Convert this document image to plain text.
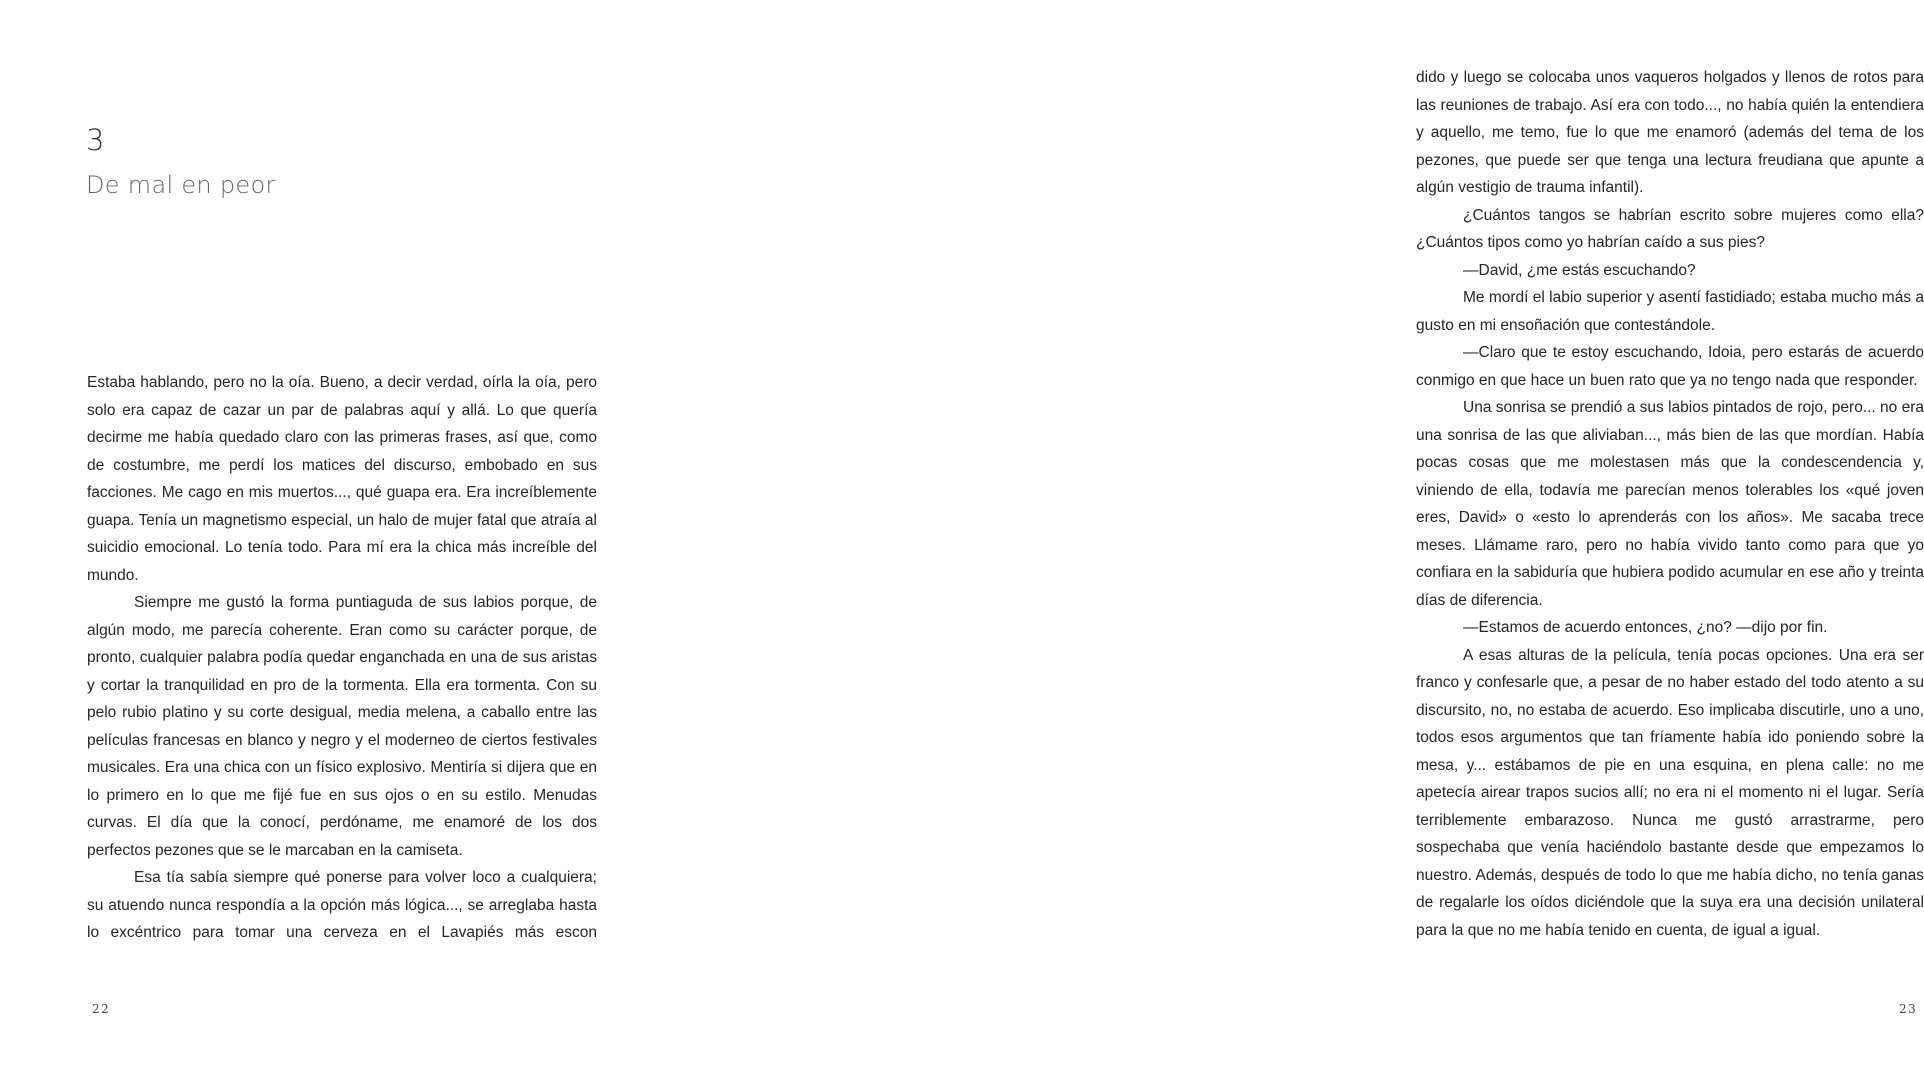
3
De mal en peor

Estaba hablando, pero no la oía. Bueno, a decir verdad, oírla la oía, pero solo era capaz de cazar un par de palabras aquí y allá. Lo que quería decirme me había quedado claro con las primeras frases, así que, como de costumbre, me perdí los matices del discurso, embobado en sus facciones. Me cago en mis muertos..., qué guapa era. Era increíblemente guapa. Tenía un magnetismo especial, un halo de mujer fatal que atraía al suicidio emocional. Lo tenía todo. Para mí era la chica más increíble del mundo.

Siempre me gustó la forma puntiaguda de sus labios porque, de algún modo, me parecía coherente. Eran como su carácter porque, de pronto, cualquier palabra podía quedar enganchada en una de sus aristas y cortar la tranquilidad en pro de la tormenta. Ella era tormenta. Con su pelo rubio platino y su corte desigual, media melena, a caballo entre las películas francesas en blanco y negro y el moderneo de ciertos festivales musicales. Era una chica con un físico explosivo. Mentiría si dijera que en lo primero en lo que me fijé fue en sus ojos o en su estilo. Menudas curvas. El día que la conocí, perdóname, me enamoré de los dos perfectos pezones que se le marcaban en la camiseta.

Esa tía sabía siempre qué ponerse para volver loco a cualquiera; su atuendo nunca respondía a la opción más lógica..., se arreglaba hasta lo excéntrico para tomar una cerveza en el Lavapiés más escon

22

dido y luego se colocaba unos vaqueros holgados y llenos de rotos para las reuniones de trabajo. Así era con todo..., no había quién la entendiera y aquello, me temo, fue lo que me enamoró (además del tema de los pezones, que puede ser que tenga una lectura freudiana que apunte a algún vestigio de trauma infantil).

¿Cuántos tangos se habrían escrito sobre mujeres como ella? ¿Cuántos tipos como yo habrían caído a sus pies?

—David, ¿me estás escuchando?

Me mordí el labio superior y asentí fastidiado; estaba mucho más a gusto en mi ensoñación que contestándole.

—Claro que te estoy escuchando, Idoia, pero estarás de acuerdo conmigo en que hace un buen rato que ya no tengo nada que responder.

Una sonrisa se prendió a sus labios pintados de rojo, pero... no era una sonrisa de las que aliviaban..., más bien de las que mordían. Había pocas cosas que me molestasen más que la condescendencia y, viniendo de ella, todavía me parecían menos tolerables los «qué joven eres, David» o «esto lo aprenderás con los años». Me sacaba trece meses. Llámame raro, pero no había vivido tanto como para que yo confiara en la sabiduría que hubiera podido acumular en ese año y treinta días de diferencia.

—Estamos de acuerdo entonces, ¿no? —dijo por fin.

A esas alturas de la película, tenía pocas opciones. Una era ser franco y confesarle que, a pesar de no haber estado del todo atento a su discursito, no, no estaba de acuerdo. Eso implicaba discutirle, uno a uno, todos esos argumentos que tan fríamente había ido poniendo sobre la mesa, y... estábamos de pie en una esquina, en plena calle: no me apetecía airear trapos sucios allí; no era ni el momento ni el lugar. Sería terriblemente embarazoso. Nunca me gustó arrastrarme, pero sospechaba que venía haciéndolo bastante desde que empezamos lo nuestro. Además, después de todo lo que me había dicho, no tenía ganas de regalarle los oídos diciéndole que la suya era una decisión unilateral para la que no me había tenido en cuenta, de igual a igual.

23
